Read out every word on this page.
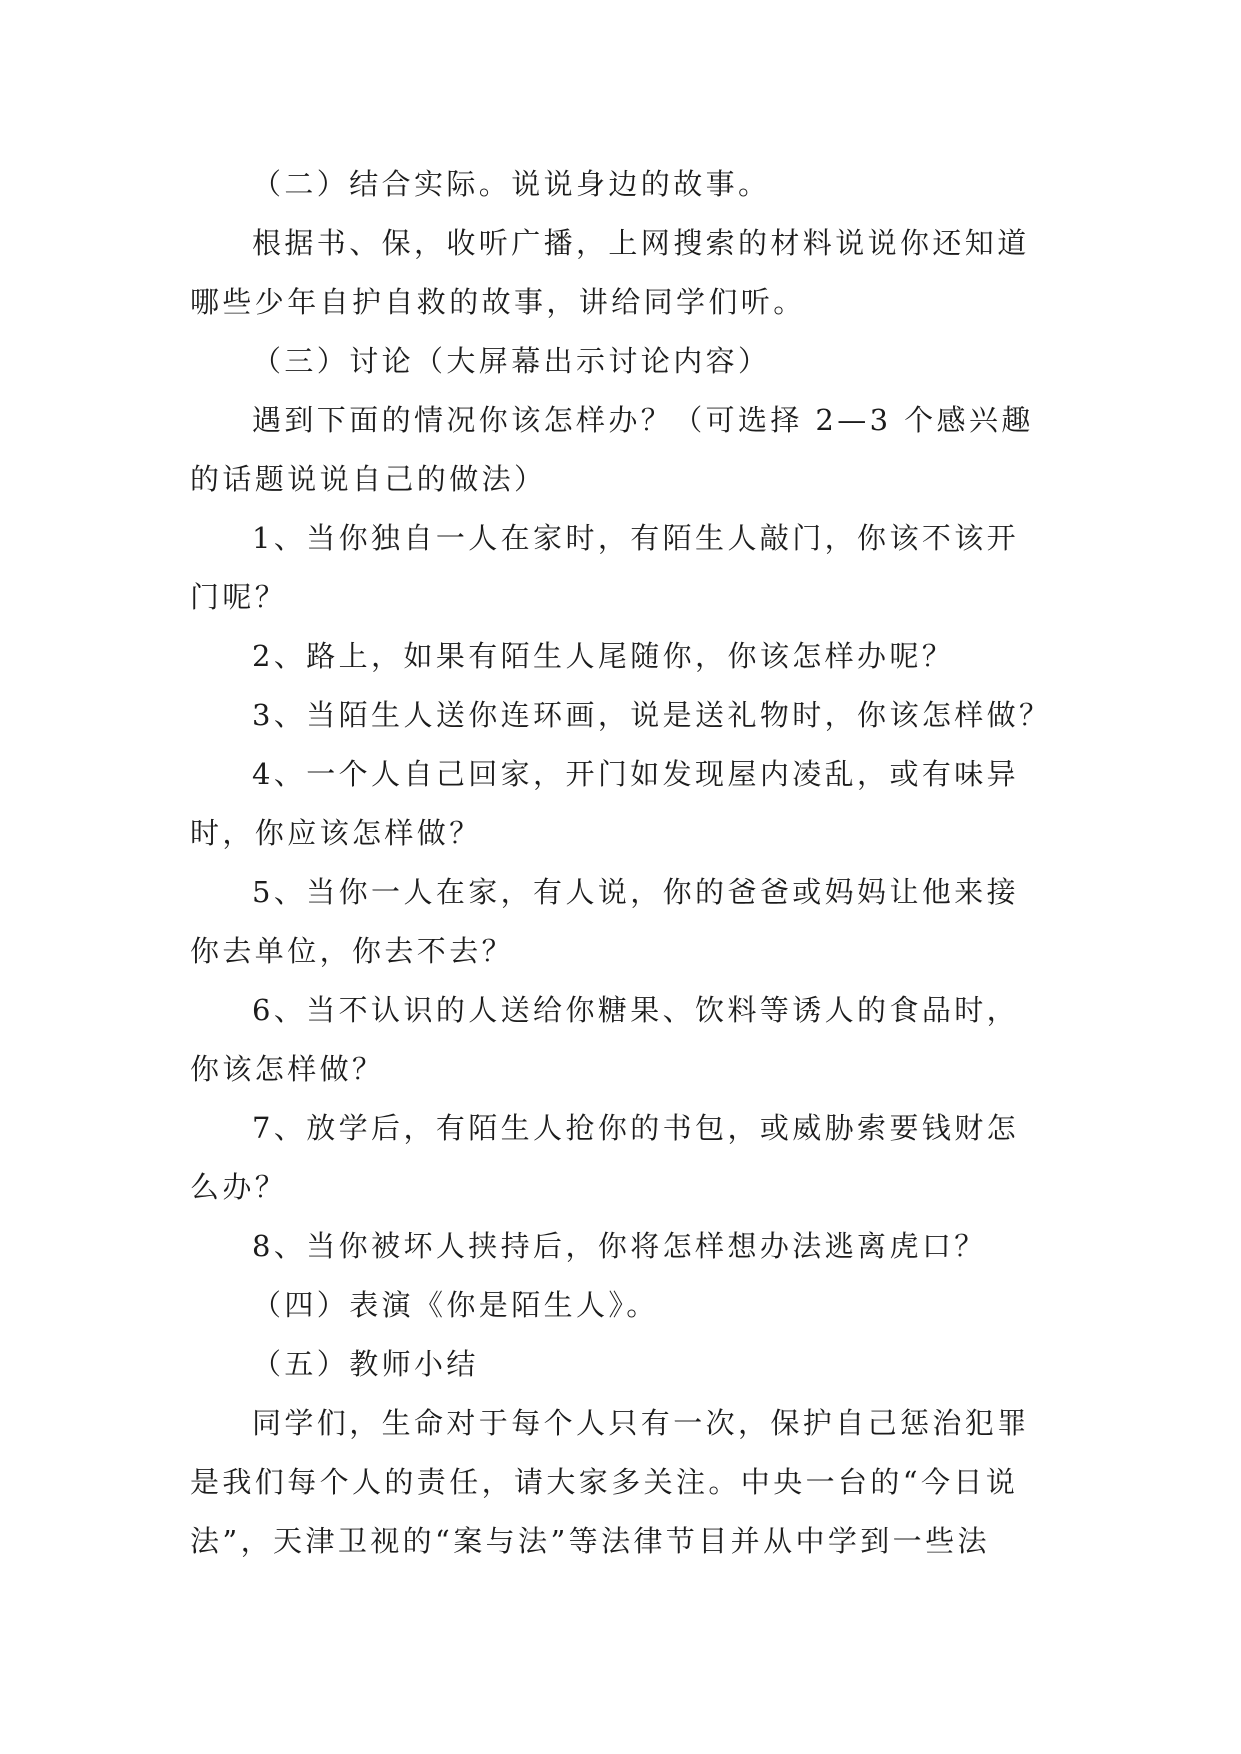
（二）结合实际。说说身边的故事。
根据书、保，收听广播，上网搜索的材料说说你还知道
哪些少年自护自救的故事，讲给同学们听。
（三）讨论（大屏幕出示讨论内容）
遇到下面的情况你该怎样办？（可选择 2—3 个感兴趣
的话题说说自己的做法）
1、当你独自一人在家时，有陌生人敲门，你该不该开
门呢？
2、路上，如果有陌生人尾随你，你该怎样办呢？
3、当陌生人送你连环画，说是送礼物时，你该怎样做？
4、一个人自己回家，开门如发现屋内凌乱，或有味异
时，你应该怎样做？
5、当你一人在家，有人说，你的爸爸或妈妈让他来接
你去单位，你去不去？
6、当不认识的人送给你糖果、饮料等诱人的食品时，
你该怎样做？
7、放学后，有陌生人抢你的书包，或威胁索要钱财怎
么办？
8、当你被坏人挟持后，你将怎样想办法逃离虎口？
（四）表演《你是陌生人》。
（五）教师小结
同学们，生命对于每个人只有一次，保护自己惩治犯罪
是我们每个人的责任，请大家多关注。中央一台的“今日说
法”，天津卫视的“案与法”等法律节目并从中学到一些法
